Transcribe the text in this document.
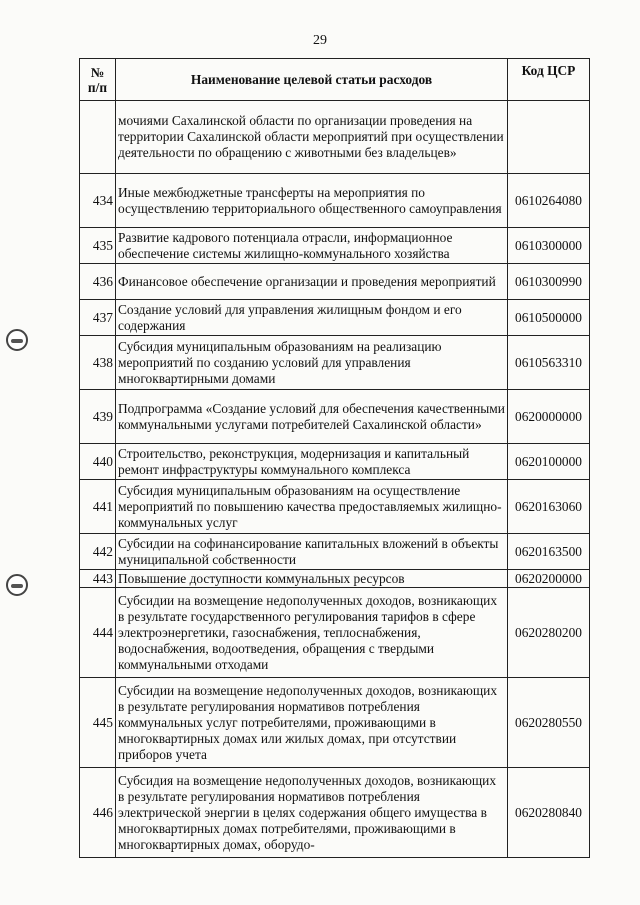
29
№
п/п	Наименование целевой статьи расходов	Код ЦСР
	мочиями Сахалинской области по организации проведения на территории Сахалинской области мероприятий при осуществлении деятельности по обращению с животными без владельцев»	
434	Иные межбюджетные трансферты на мероприятия по осуществлению территориального общественного самоуправления	0610264080
435	Развитие кадрового потенциала отрасли, информационное обеспечение системы жилищно-коммунального хозяйства	0610300000
436	Финансовое обеспечение организации и проведения мероприятий	0610300990
437	Создание условий для управления жилищным фондом и его содержания	0610500000
438	Субсидия муниципальным образованиям на реализацию мероприятий по созданию условий для управления многоквартирными домами	0610563310
439	Подпрограмма «Создание условий для обеспечения качественными коммунальными услугами потребителей Сахалинской области»	0620000000
440	Строительство, реконструкция, модернизация и капитальный ремонт инфраструктуры коммунального комплекса	0620100000
441	Субсидия муниципальным образованиям на осуществление мероприятий по повышению качества предоставляемых жилищно-коммунальных услуг	0620163060
442	Субсидии на софинансирование капитальных вложений в объекты муниципальной собственности	0620163500
443	Повышение доступности коммунальных ресурсов	0620200000
444	Субсидии на возмещение недополученных доходов, возникающих в результате государственного регулирования тарифов в сфере электроэнергетики, газоснабжения, теплоснабжения, водоснабжения, водоотведения, обращения с твердыми коммунальными отходами	0620280200
445	Субсидии на возмещение недополученных доходов, возникающих в результате регулирования нормативов потребления коммунальных услуг потребителями, проживающими в многоквартирных домах или жилых домах, при отсутствии приборов учета	0620280550
446	Субсидия на возмещение недополученных доходов, возникающих в результате регулирования нормативов потребления электрической энергии в целях содержания общего имущества в многоквартирных домах потребителями, проживающими в многоквартирных домах, оборудо-	0620280840
